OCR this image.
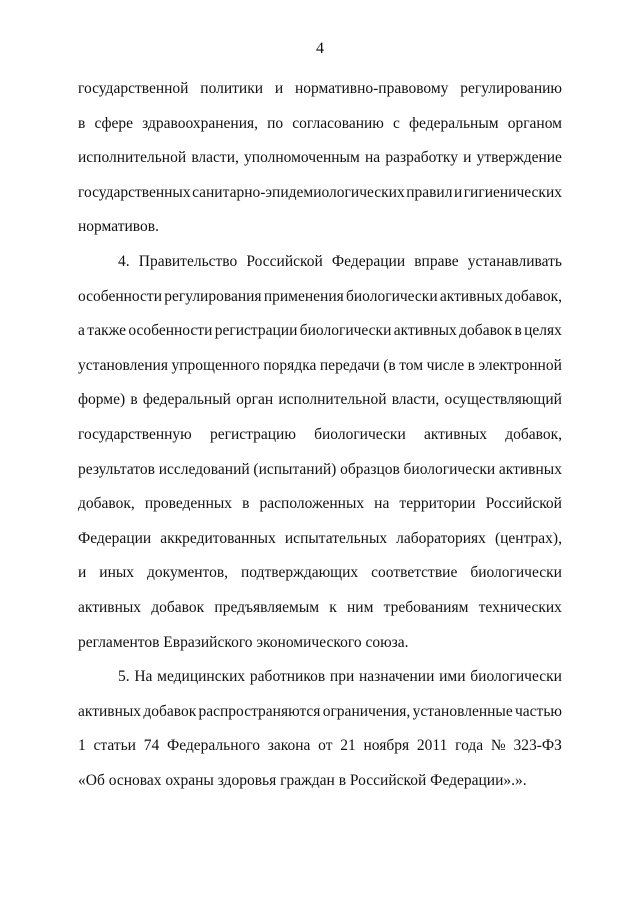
4
государственной политики и нормативно-правовому регулированию
в сфере здравоохранения, по согласованию с федеральным органом
исполнительной власти, уполномоченным на разработку и утверждение
государственных санитарно-эпидемиологических правил и гигиенических
нормативов.
4. Правительство Российской Федерации вправе устанавливать
особенности регулирования применения биологически активных добавок,
а также особенности регистрации биологически активных добавок в целях
установления упрощенного порядка передачи (в том числе в электронной
форме) в федеральный орган исполнительной власти, осуществляющий
государственную регистрацию биологически активных добавок,
результатов исследований (испытаний) образцов биологически активных
добавок, проведенных в расположенных на территории Российской
Федерации аккредитованных испытательных лабораториях (центрах),
и иных документов, подтверждающих соответствие биологически
активных добавок предъявляемым к ним требованиям технических
регламентов Евразийского экономического союза.
5. На медицинских работников при назначении ими биологически
активных добавок распространяются ограничения, установленные частью
1 статьи 74 Федерального закона от 21 ноября 2011 года № 323-ФЗ
«Об основах охраны здоровья граждан в Российской Федерации».».
